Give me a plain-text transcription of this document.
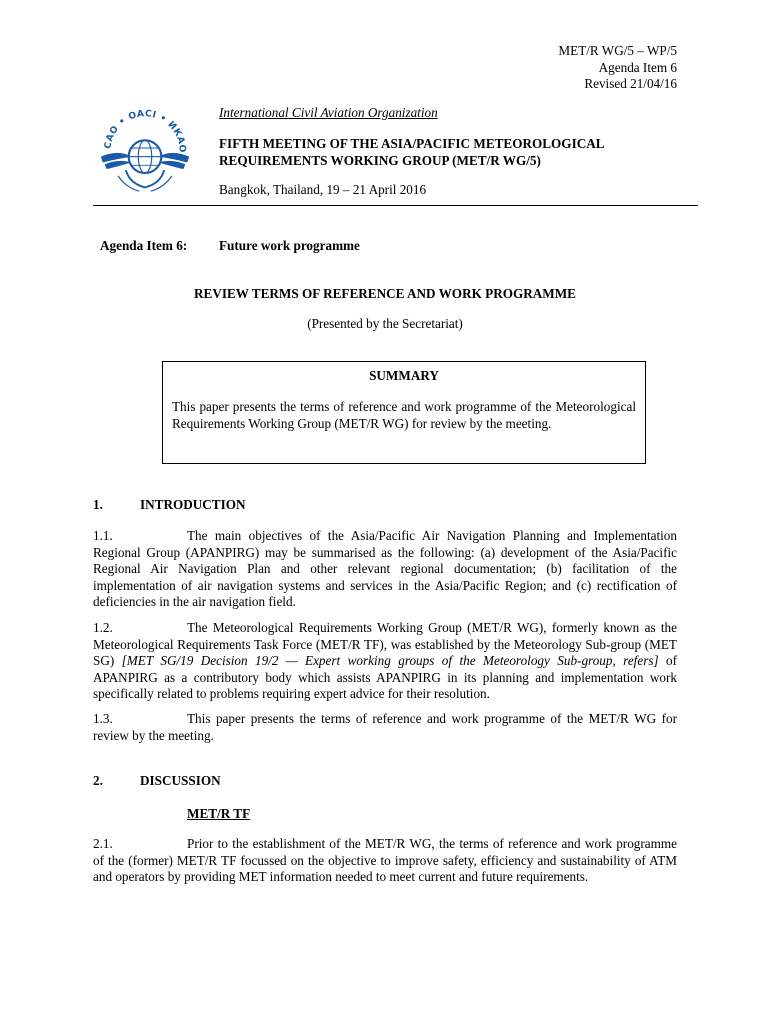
MET/R WG/5 – WP/5
Agenda Item 6
Revised 21/04/16
CAO • OACI • ИКАО
International Civil Aviation Organization
FIFTH MEETING OF THE ASIA/PACIFIC METEOROLOGICAL
REQUIREMENTS WORKING GROUP (MET/R WG/5)
Bangkok, Thailand, 19 – 21 April 2016
Agenda Item 6: Future work programme
REVIEW TERMS OF REFERENCE AND WORK PROGRAMME
(Presented by the Secretariat)
SUMMARY
This paper presents the terms of reference and work programme of the Meteorological Requirements Working Group (MET/R WG) for review by the meeting.
1.	INTRODUCTION
1.1.	The main objectives of the Asia/Pacific Air Navigation Planning and Implementation Regional Group (APANPIRG) may be summarised as the following: (a) development of the Asia/Pacific Regional Air Navigation Plan and other relevant regional documentation; (b) facilitation of the implementation of air navigation systems and services in the Asia/Pacific Region; and (c) rectification of deficiencies in the air navigation field.
1.2.	The Meteorological Requirements Working Group (MET/R WG), formerly known as the Meteorological Requirements Task Force (MET/R TF), was established by the Meteorology Sub-group (MET SG) [MET SG/19 Decision 19/2 — Expert working groups of the Meteorology Sub-group, refers] of APANPIRG as a contributory body which assists APANPIRG in its planning and implementation work specifically related to problems requiring expert advice for their resolution.
1.3.	This paper presents the terms of reference and work programme of the MET/R WG for review by the meeting.
2.	DISCUSSION
MET/R TF
2.1.	Prior to the establishment of the MET/R WG, the terms of reference and work programme of the (former) MET/R TF focussed on the objective to improve safety, efficiency and sustainability of ATM and operators by providing MET information needed to meet current and future requirements.
